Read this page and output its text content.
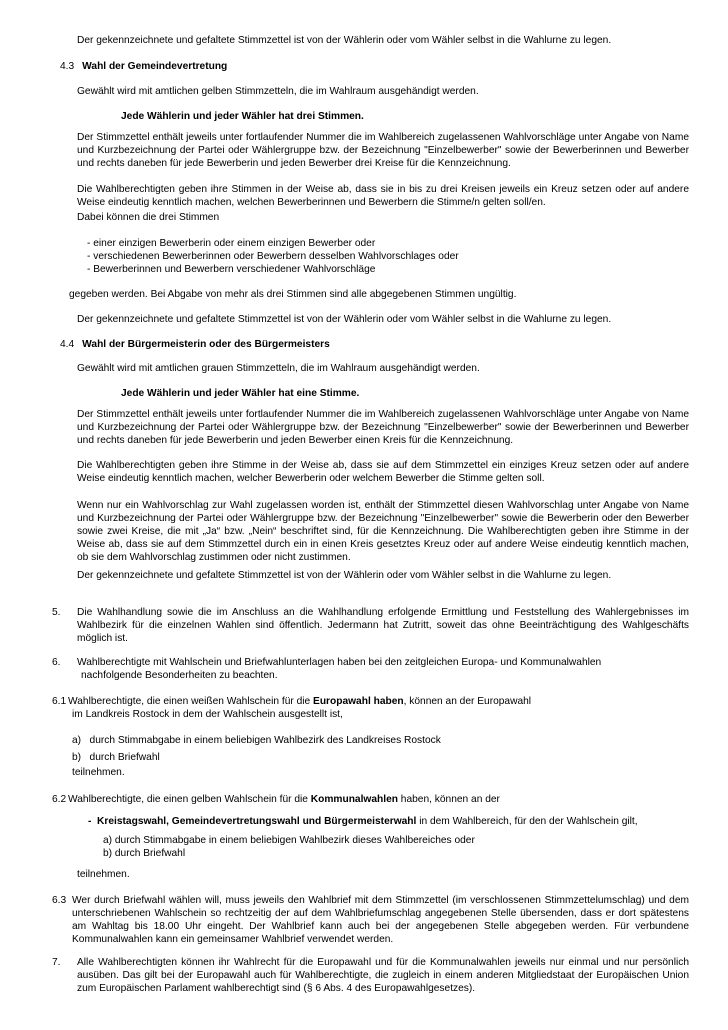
Der gekennzeichnete und gefaltete Stimmzettel ist von der Wählerin oder vom Wähler selbst in die Wahlurne zu legen.

4.3 Wahl der Gemeindevertretung

Gewählt wird mit amtlichen gelben Stimmzetteln, die im Wahlraum ausgehändigt werden.

Jede Wählerin und jeder Wähler hat drei Stimmen.

Der Stimmzettel enthält jeweils unter fortlaufender Nummer die im Wahlbereich zugelassenen Wahlvorschläge unter Angabe von Name und Kurzbezeichnung der Partei oder Wählergruppe bzw. der Bezeichnung "Einzelbewerber" sowie der Bewerberinnen und Bewerber und rechts daneben für jede Bewerberin und jeden Bewerber drei Kreise für die Kennzeichnung.

Die Wahlberechtigten geben ihre Stimmen in der Weise ab, dass sie in bis zu drei Kreisen jeweils ein Kreuz setzen oder auf andere Weise eindeutig kenntlich machen, welchen Bewerberinnen und Bewerbern die Stimme/n gelten soll/en.

Dabei können die drei Stimmen

- einer einzigen Bewerberin oder einem einzigen Bewerber oder
- verschiedenen Bewerberinnen oder Bewerbern desselben Wahlvorschlages oder
- Bewerberinnen und Bewerbern verschiedener Wahlvorschläge

gegeben werden. Bei Abgabe von mehr als drei Stimmen sind alle abgegebenen Stimmen ungültig.

Der gekennzeichnete und gefaltete Stimmzettel ist von der Wählerin oder vom Wähler selbst in die Wahlurne zu legen.

4.4 Wahl der Bürgermeisterin oder des Bürgermeisters

Gewählt wird mit amtlichen grauen Stimmzetteln, die im Wahlraum ausgehändigt werden.

Jede Wählerin und jeder Wähler hat eine Stimme.

Der Stimmzettel enthält jeweils unter fortlaufender Nummer die im Wahlbereich zugelassenen Wahlvorschläge unter Angabe von Name und Kurzbezeichnung der Partei oder Wählergruppe bzw. der Bezeichnung "Einzelbewerber" sowie der Bewerberinnen und Bewerber und rechts daneben für jede Bewerberin und jeden Bewerber einen Kreis für die Kennzeichnung.

Die Wahlberechtigten geben ihre Stimme in der Weise ab, dass sie auf dem Stimmzettel ein einziges Kreuz setzen oder auf andere Weise eindeutig kenntlich machen, welcher Bewerberin oder welchem Bewerber die Stimme gelten soll.

Wenn nur ein Wahlvorschlag zur Wahl zugelassen worden ist, enthält der Stimmzettel diesen Wahlvorschlag unter Angabe von Name und Kurzbezeichnung der Partei oder Wählergruppe bzw. der Bezeichnung "Einzelbewerber" sowie die Bewerberin oder den Bewerber sowie zwei Kreise, die mit „Ja“ bzw. „Nein“ beschriftet sind, für die Kennzeichnung. Die Wahlberechtigten geben ihre Stimme in der Weise ab, dass sie auf dem Stimmzettel durch ein in einen Kreis gesetztes Kreuz oder auf andere Weise eindeutig kenntlich machen, ob sie dem Wahlvorschlag zustimmen oder nicht zustimmen.

Der gekennzeichnete und gefaltete Stimmzettel ist von der Wählerin oder vom Wähler selbst in die Wahlurne zu legen.

5. Die Wahlhandlung sowie die im Anschluss an die Wahlhandlung erfolgende Ermittlung und Feststellung des Wahlergebnisses im Wahlbezirk für die einzelnen Wahlen sind öffentlich. Jedermann hat Zutritt, soweit das ohne Beeinträchtigung des Wahlgeschäfts möglich ist.

6. Wahlberechtigte mit Wahlschein und Briefwahlunterlagen haben bei den zeitgleichen Europa- und Kommunalwahlen
nachfolgende Besonderheiten zu beachten.

6.1 Wahlberechtigte, die einen weißen Wahlschein für die Europawahl haben, können an der Europawahl
im Landkreis Rostock in dem der Wahlschein ausgestellt ist,
a)   durch Stimmabgabe in einem beliebigen Wahlbezirk des Landkreises Rostock
b)   durch Briefwahl
teilnehmen.
6.2 Wahlberechtigte, die einen gelben Wahlschein für die Kommunalwahlen haben, können an der
-  Kreistagswahl, Gemeindevertretungswahl und Bürgermeisterwahl in dem Wahlbereich, für den der Wahlschein gilt,
a) durch Stimmabgabe in einem beliebigen Wahlbezirk dieses Wahlbereiches oder
b) durch Briefwahl

teilnehmen.

6.3 Wer durch Briefwahl wählen will, muss jeweils den Wahlbrief mit dem Stimmzettel (im verschlossenen Stimmzettelumschlag) und dem unterschriebenen Wahlschein so rechtzeitig der auf dem Wahlbriefumschlag angegebenen Stelle übersenden, dass er dort spätestens am Wahltag bis 18.00 Uhr eingeht. Der Wahlbrief kann auch bei der angegebenen Stelle abgegeben werden. Für verbundene Kommunalwahlen kann ein gemeinsamer Wahlbrief verwendet werden.

7. Alle Wahlberechtigten können ihr Wahlrecht für die Europawahl und für die Kommunalwahlen jeweils nur einmal und nur persönlich ausüben. Das gilt bei der Europawahl auch für Wahlberechtigte, die zugleich in einem anderen Mitgliedstaat der Europäischen Union zum Europäischen Parlament wahlberechtigt sind (§ 6 Abs. 4 des Europawahlgesetzes).
